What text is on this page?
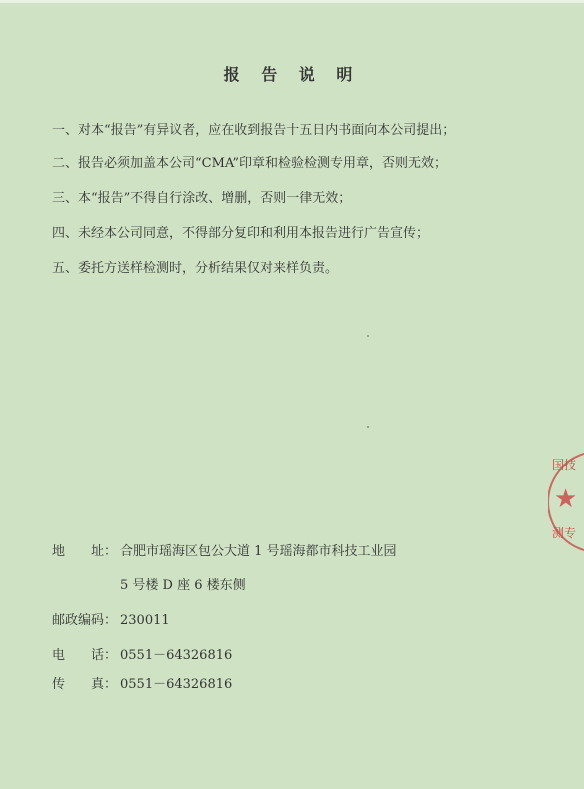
报 告 说 明
一、对本“报告”有异议者，应在收到报告十五日内书面向本公司提出；
二、报告必须加盖本公司“CMA”印章和检验检测专用章，否则无效；
三、本“报告”不得自行涂改、增删，否则一律无效；
四、未经本公司同意，不得部分复印和利用本报告进行广告宣传；
五、委托方送样检测时，分析结果仅对来样负责。
地　　址： 合肥市瑶海区包公大道 1 号瑶海都市科技工业园
5 号楼 D 座 6 楼东侧
邮政编码： 230011
电　　话： 0551－64326816
传　　真： 0551－64326816
国技
★
测专
